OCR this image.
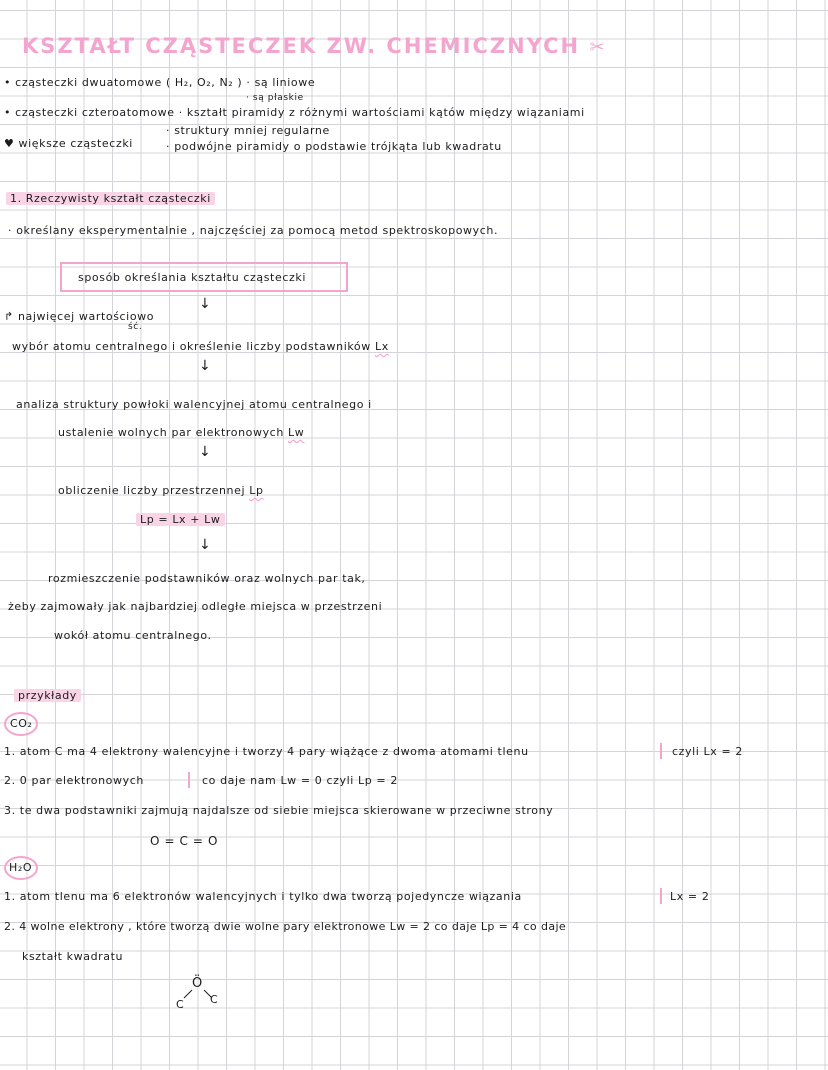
KSZTAŁT CZĄSTECZEK ZW. CHEMICZNYCH ✂
• cząsteczki dwuatomowe ( H₂, O₂, N₂ ) · są liniowe
· są płaskie
• cząsteczki czteroatomowe · kształt piramidy z różnymi wartościami kątów między wiązaniami
♥ większe cząsteczki
· struktury mniej regularne
· podwójne piramidy o podstawie trójkąta lub kwadratu
1. Rzeczywisty kształt cząsteczki
· określany eksperymentalnie , najczęściej za pomocą metod spektroskopowych.
sposób określania kształtu cząsteczki
↓
↱ najwięcej wartościowo
ść.
wybór atomu centralnego i określenie liczby podstawników Lx
↓
analiza struktury powłoki walencyjnej atomu centralnego i
ustalenie wolnych par elektronowych Lw
↓
obliczenie liczby przestrzennej Lp
Lp = Lx + Lw
↓
rozmieszczenie podstawników oraz wolnych par tak,
żeby zajmowały jak najbardziej odległe miejsca w przestrzeni
wokół atomu centralnego.
przykłady
CO₂
1. atom C ma 4 elektrony walencyjne i tworzy 4 pary wiążące z dwoma atomami tlenu	czyli Lx = 2
2. 0 par elektronowych	co daje nam Lw = 0 czyli Lp = 2
3. te dwa podstawniki zajmują najdalsze od siebie miejsca skierowane w przeciwne strony
O = C = O
H₂O
1. atom tlenu ma 6 elektronów walencyjnych i tylko dwa tworzą pojedyncze wiązania	Lx = 2
2. 4 wolne elektrony , które tworzą dwie wolne pary elektronowe Lw = 2 co daje Lp = 4 co daje
kształt kwadratu
Ö
C C
